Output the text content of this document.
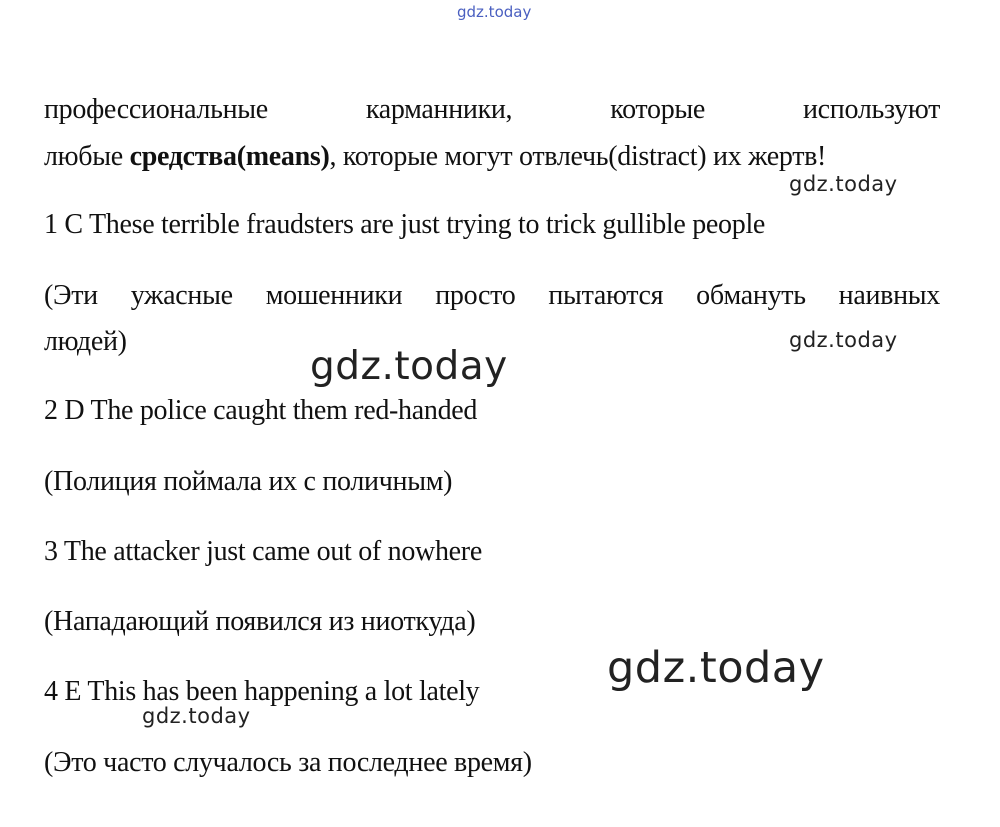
gdz.today
профессиональные	карманники,	которые	используют
любые средства(means), которые могут отвлечь(distract) их жертв!
gdz.today
1 C These terrible fraudsters are just trying to trick gullible people
(Эти ужасные мошенники просто пытаются обмануть наивных
людей)	gdz.today
gdz.today
2 D The police caught them red-handed
(Полиция поймала их с поличным)
3 The attacker just came out of nowhere
(Нападающий появился из ниоткуда)
gdz.today
4 E This has been happening a lot lately
gdz.today
(Это часто случалось за последнее время)
